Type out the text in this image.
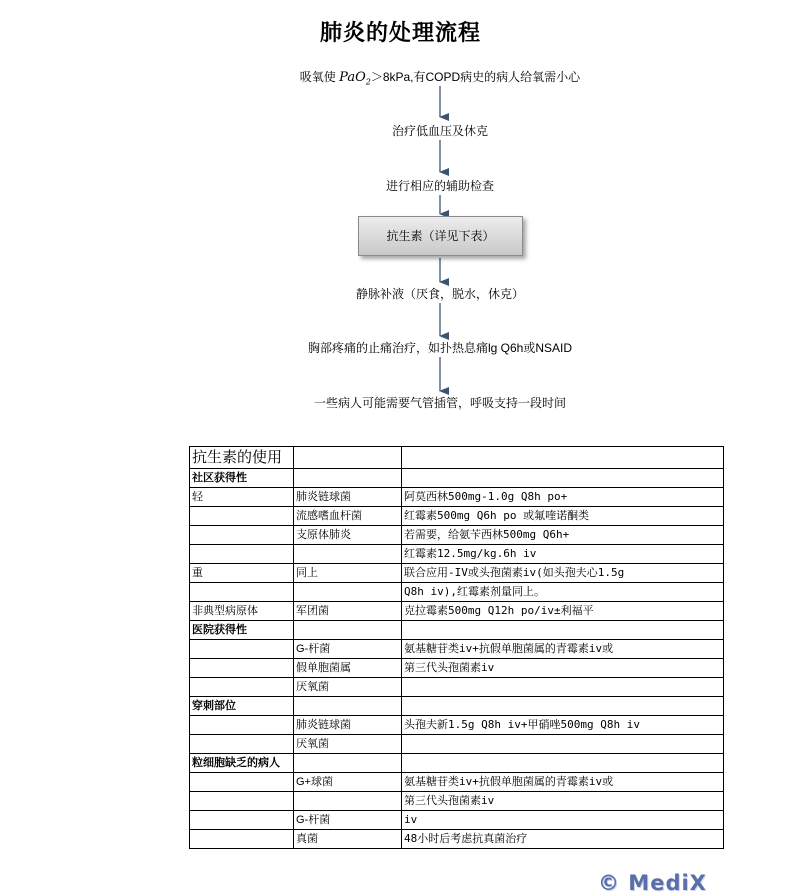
肺炎的处理流程
吸氧使 PaO$_2$＞8kPa,有COPD病史的病人给氧需小心
治疗低血压及休克
进行相应的辅助检查
抗生素（详见下表）
静脉补液（厌食，脱水，休克）
胸部疼痛的止痛治疗，如扑热息痛lg Q6h或NSAID
一些病人可能需要气管插管，呼吸支持一段时间
抗生素的使用		
社区获得性		
轻	肺炎链球菌	阿莫西林500mg-1.0g Q8h po+
	流感嗜血杆菌	红霉素500mg Q6h po 或氟喹诺酮类
	支原体肺炎	若需要，给氨苄西林500mg Q6h+
		红霉素12.5mg/kg.6h iv
重	同上	联合应用-IV或头孢菌素iv(如头孢夫心1.5g
		Q8h iv),红霉素剂量同上。
非典型病原体	军团菌	克拉霉素500mg Q12h po/iv±利福平
医院获得性		
	G-杆菌	氨基糖苷类iv+抗假单胞菌属的青霉素iv或
	假单胞菌属	第三代头孢菌素iv
	厌氧菌	
穿刺部位		
	肺炎链球菌	头孢夫新1.5g Q8h iv+甲硝唑500mg Q8h iv
	厌氧菌	
粒细胞缺乏的病人		
	G+球菌	氨基糖苷类iv+抗假单胞菌属的青霉素iv或
		第三代头孢菌素iv
	G-杆菌	iv
	真菌	48小时后考虑抗真菌治疗
© MediX
